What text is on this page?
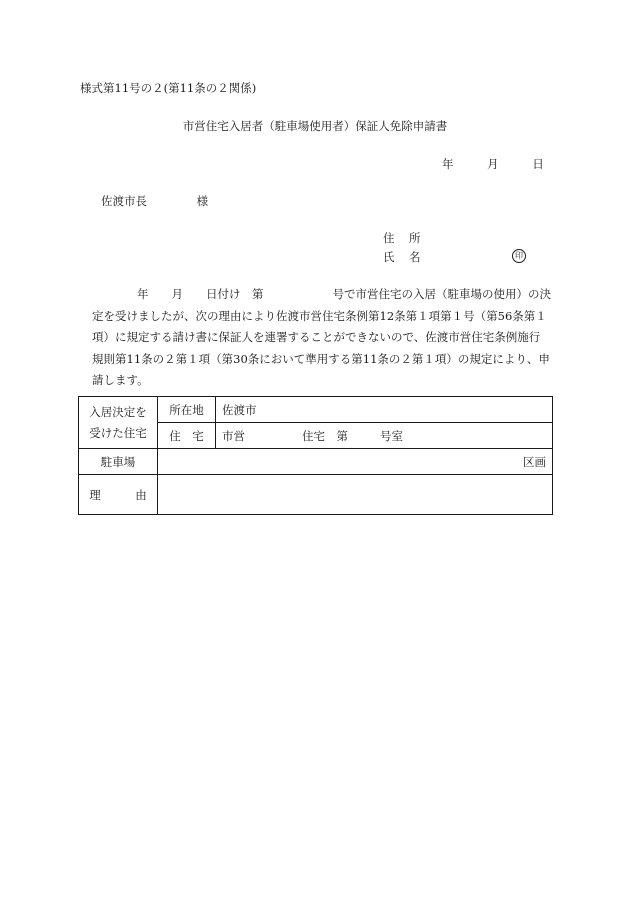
様式第11号の２(第11条の２関係)
市営住宅入居者（駐車場使用者）保証人免除申請書
年	月	日
佐渡市長	様
住 所
氏 名	印

年　　月　　日付け　第　　　　　　号で市営住宅の入居（駐車場の使用）の決

定を受けましたが、次の理由により佐渡市営住宅条例第12条第１項第１号（第56条第１

項）に規定する請け書に保証人を連署することができないので、佐渡市営住宅条例施行

規則第11条の２第１項（第30条において準用する第11条の２第１項）の規定により、申

請します。

入居決定を
受けた住宅	所在地	佐渡市
	住　宅	市営 住宅　第 号室
駐車場	区画	
理　　　由		
